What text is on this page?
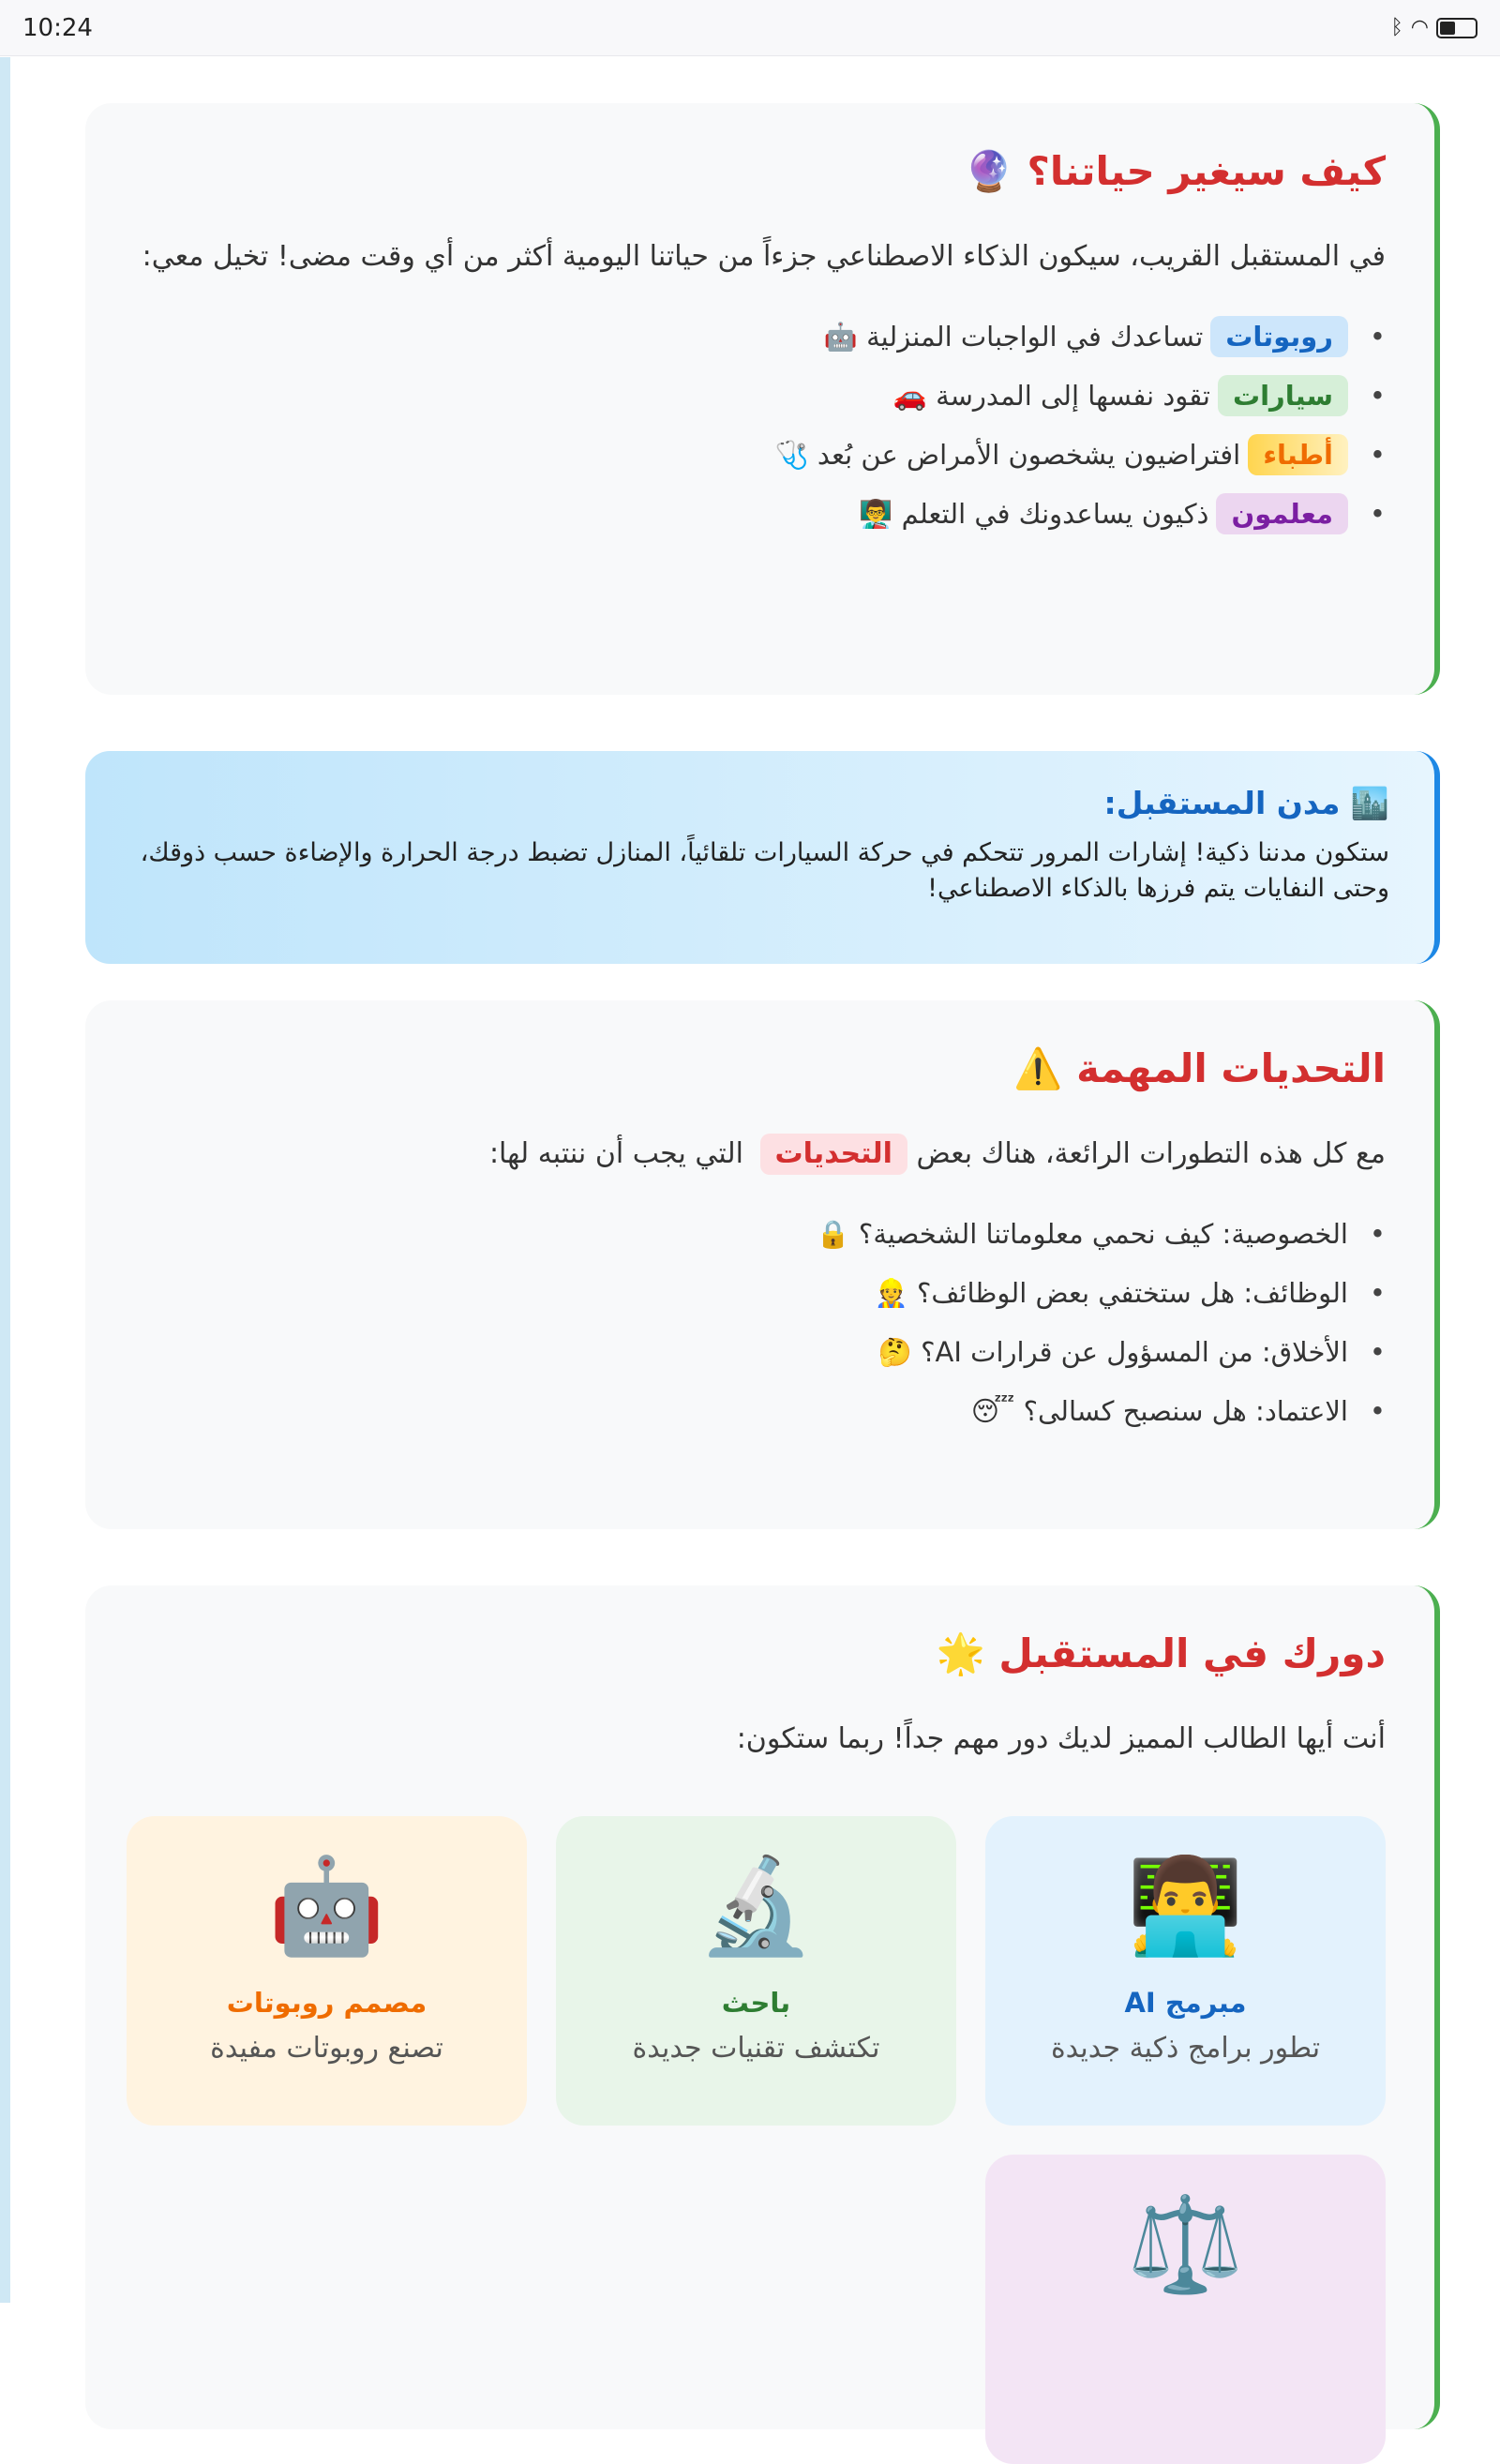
10:24	ᛒ ◠
كيف سيغير حياتنا؟ 🔮

في المستقبل القريب، سيكون الذكاء الاصطناعي جزءاً من حياتنا اليومية أكثر من أي وقت مضى! تخيل معي:

• روبوتاتتساعدك في الواجبات المنزلية 🤖
• سياراتتقود نفسها إلى المدرسة 🚗
• أطباءافتراضيون يشخصون الأمراض عن بُعد 🩺
• معلمونذكيون يساعدونك في التعلم 👨‍🏫
🏙️ مدن المستقبل:

ستكون مدننا ذكية! إشارات المرور تتحكم في حركة السيارات تلقائياً، المنازل تضبط درجة الحرارة والإضاءة حسب ذوقك، وحتى النفايات يتم فرزها بالذكاء الاصطناعي!

التحديات المهمة ⚠️

مع كل هذه التطورات الرائعة، هناك بعض التحديات التي يجب أن ننتبه لها:

• الخصوصية: كيف نحمي معلوماتنا الشخصية؟ 🔒
• الوظائف: هل ستختفي بعض الوظائف؟ 👷
• الأخلاق: من المسؤول عن قرارات AI؟ 🤔
• الاعتماد: هل سنصبح كسالى؟ 😴
دورك في المستقبل 🌟

أنت أيها الطالب المميز لديك دور مهم جداً! ربما ستكون:

👨‍💻
مبرمج AI
تطور برامج ذكية جديدة
🔬
باحث
تكتشف تقنيات جديدة
🤖
مصمم روبوتات
تصنع روبوتات مفيدة
⚖️
